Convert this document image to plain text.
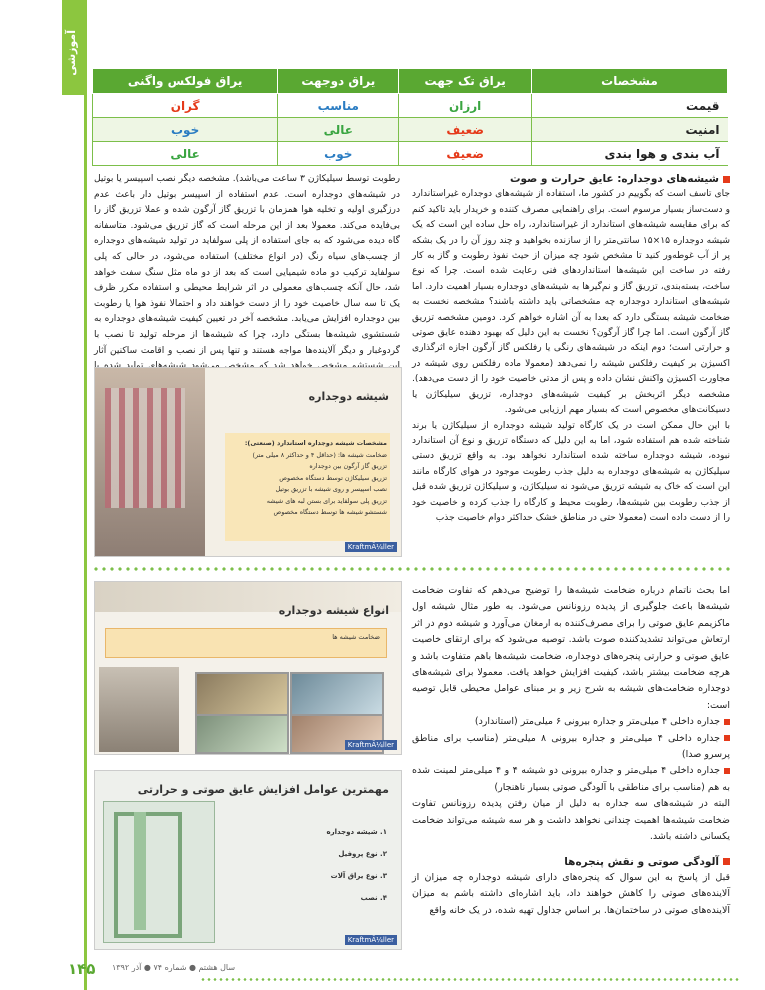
آموزشی
مشخصات	یراق تک جهت	یراق دوجهت	یراق فولکس واگنی
قیمت	ارزان	مناسب	گران
امنیت	ضعیف	عالی	خوب
آب بندی و هوا بندی	ضعیف	خوب	عالی

شیشه‌های دوجداره: عایق حرارت و صوت

جای تاسف است که بگوییم در کشور ما، استفاده از شیشه‌های دوجداره غیراستاندارد و دست‌ساز بسیار مرسوم است. برای راهنمایی مصرف کننده و خریدار باید تاکید کنم که برای مقایسه شیشه‌های استاندارد از غیراستاندارد، راه حل ساده این است که یک شیشه دوجداره ۱۵×۱۵ سانتی‌متر را از سازنده بخواهید و چند روز آن را در یک بشکه پر از آب غوطه‌ور کنید تا مشخص شود چه میزان از حیث نفوذ رطوبت و گاز به کار رفته در ساخت این شیشه‌ها استانداردهای فنی رعایت شده است. چرا که نوع ساخت، بسته‌بندی، تزریق گاز و نم‌گیرها به شیشه‌های دوجداره بسیار اهمیت دارد. اما شیشه‌های استاندارد دوجداره چه مشخصاتی باید داشته باشند؟ مشخصه نخست به ضخامت شیشه بستگی دارد که بعدا به آن اشاره خواهم کرد. دومین مشخصه تزریق گاز آرگون است. اما چرا گاز آرگون؟ نخست به این دلیل که بهبود دهنده عایق صوتی و حرارتی است؛ دوم اینکه در شیشه‌های رنگی یا رفلکس گاز آرگون اجازه اثرگذاری اکسیژن بر کیفیت رفلکس شیشه را نمی‌دهد (معمولا ماده رفلکس روی شیشه در مجاورت اکسیژن واکنش نشان داده و پس از مدتی خاصیت خود را از دست می‌دهد). مشخصه دیگر اثربخش بر کیفیت شیشه‌های دوجداره، تزریق سیلیکاژن یا دسیکانت‌های مخصوص است که بسیار مهم ارزیابی می‌شود.

با این حال ممکن است در یک کارگاه تولید شیشه دوجداره از سیلیکاژن یا برند شناخته شده هم استفاده شود، اما به این دلیل که دستگاه تزریق و نوع آن استاندارد نبوده، شیشه دوجداره ساخته شده استاندارد نخواهد بود. به واقع تزریق دستی سیلیکاژن به شیشه‌های دوجداره به دلیل جذب رطوبت موجود در هوای کارگاه مانند این است که خاک به شیشه تزریق می‌شود نه سیلیکاژن، و سیلیکاژن تزریق شده قبل از جذب رطوبت بین شیشه‌ها، رطوبت محیط و کارگاه را جذب کرده و خاصیت خود را از دست داده است (معمولا حتی در مناطق خشک حداکثر دوام خاصیت جذب

رطوبت توسط سیلیکاژن ۳ ساعت می‌باشد). مشخصه دیگر نصب اسپیسر یا بوتیل در شیشه‌های دوجداره است. عدم استفاده از اسپیسر بوتیل دار باعث عدم درزگیری اولیه و تخلیه هوا همزمان با تزریق گاز آرگون شده و عملا تزریق گاز را بی‌فایده می‌کند. معمولا بعد از این مرحله است که گاز تزریق می‌شود. متاسفانه گاه دیده می‌شود که به جای استفاده از پلی سولفاید در تولید شیشه‌های دوجداره از چسب‌های سیاه رنگ (در انواع مختلف) استفاده می‌شود، در حالی که پلی سولفاید ترکیب دو ماده شیمیایی است که بعد از دو ماه مثل سنگ سفت خواهد شد، حال آنکه چسب‌های معمولی در اثر شرایط محیطی و استفاده مکرر ظرف یک تا سه سال خاصیت خود را از دست خواهند داد و احتمالا نفوذ هوا یا رطوبت بین دوجداره افزایش می‌یابد. مشخصه آخر در تعیین کیفیت شیشه‌های دوجداره به شستشوی شیشه‌ها بستگی دارد، چرا که شیشه‌ها از مرحله تولید تا نصب با گردوغبار و دیگر آلاینده‌ها مواجه هستند و تنها پس از نصب و اقامت ساکنین آثار

شیشه دوجداره
مشخصات شیشه دوجداره استاندارد (صنعتی):
ضخامت شیشه ها: (حداقل ۴ و حداکثر ۸ میلی متر)
تزریق گاز آرگون بین دوجداره
تزریق سیلیکاژن توسط دستگاه مخصوص
نصب اسپیسر و روی شیشه با تزریق بوتیل
تزریق پلی سولفاید برای بستن لبه های شیشه
شستشو شیشه ها توسط دستگاه مخصوص
KraftmÃ¼ller

اما بحث ناتمام درباره ضخامت شیشه‌ها را توضیح می‌دهم که تفاوت ضخامت شیشه‌ها باعث جلوگیری از پدیده رزونانس می‌شود. به طور مثال شیشه اول ماکزیمم عایق صوتی را برای مصرف‌کننده به ارمغان می‌آورد و شیشه دوم در اثر ارتعاش می‌تواند تشدیدکننده صوت باشد. توصیه می‌شود که برای ارتقای خاصیت عایق صوتی و حرارتی پنجره‌های دوجداره، ضخامت شیشه‌ها باهم متفاوت باشد و هرچه ضخامت بیشتر باشد، کیفیت افزایش خواهد یافت. معمولا برای شیشه‌های دوجداره ضخامت‌های شیشه به شرح زیر و بر مبنای عوامل محیطی قابل توصیه است:

جداره داخلی ۴ میلی‌متر و جداره بیرونی ۶ میلی‌متر (استاندارد)

جداره داخلی ۴ میلی‌متر و جداره بیرونی ۸ میلی‌متر (مناسب برای مناطق پرسرو صدا)

جداره داخلی ۴ میلی‌متر و جداره بیرونی دو شیشه ۴ و ۴ میلی‌متر لمینت شده به هم (مناسب برای مناطقی با آلودگی صوتی بسیار ناهنجار)

البته در شیشه‌های سه جداره به دلیل از میان رفتن پدیده رزونانس تفاوت ضخامت شیشه‌ها اهمیت چندانی نخواهد داشت و هر سه شیشه می‌تواند ضخامت یکسانی داشته باشد.

آلودگی صوتی و نقش پنجره‌ها

قبل از پاسخ به این سوال که پنجره‌های دارای شیشه دوجداره چه میزان از آلاینده‌های صوتی را کاهش خواهند داد، باید اشاره‌ای داشته باشم به میزان آلاینده‌های صوتی در ساختمان‌ها. بر اساس جداول تهیه شده، در یک خانه واقع

انواع شیشه دوجداره
ضخامت شیشه ها
KraftmÃ¼ller
مهمترین عوامل افزایش عایق صوتی و حرارتی
۱. شیشه دوجداره
۲. نوع پروفیل
۳. نوع یراق آلات
۴. نصب
KraftmÃ¼ller
۱۴۵ سال هشتم ● شماره ۷۴ ● آذر ۱۳۹۲
